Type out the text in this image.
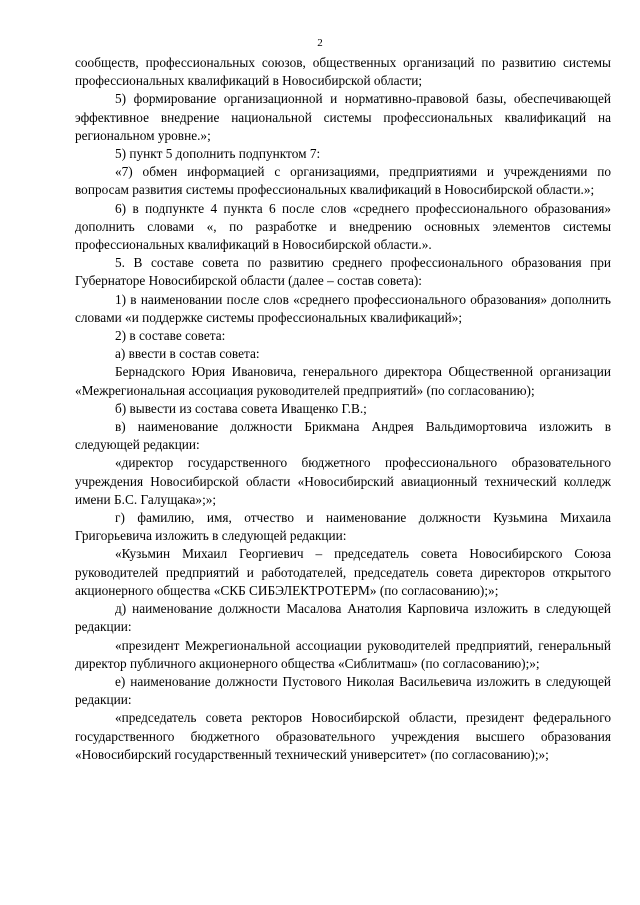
2

сообществ, профессиональных союзов, общественных организаций по развитию системы профессиональных квалификаций в Новосибирской области;

5) формирование организационной и нормативно-правовой базы, обеспечивающей эффективное внедрение национальной системы профессиональных квалификаций на региональном уровне.»;

5) пункт 5 дополнить подпунктом 7:

«7) обмен информацией с организациями, предприятиями и учреждениями по вопросам развития системы профессиональных квалификаций в Новосибирской области.»;

6) в подпункте 4 пункта 6 после слов «среднего профессионального образования» дополнить словами «, по разработке и внедрению основных элементов системы профессиональных квалификаций в Новосибирской области.».

5. В составе совета по развитию среднего профессионального образования при Губернаторе Новосибирской области (далее – состав совета):

1) в наименовании после слов «среднего профессионального образования» дополнить словами «и поддержке системы профессиональных квалификаций»;

2) в составе совета:

а) ввести в состав совета:

Бернадского Юрия Ивановича, генерального директора Общественной организации «Межрегиональная ассоциация руководителей предприятий» (по согласованию);

б) вывести из состава совета Иващенко Г.В.;

в) наименование должности Брикмана Андрея Вальдимортовича изложить в следующей редакции:

«директор государственного бюджетного профессионального образовательного учреждения Новосибирской области «Новосибирский авиационный технический колледж имени Б.С. Галущака»;»;

г) фамилию, имя, отчество и наименование должности Кузьмина Михаила Григорьевича изложить в следующей редакции:

«Кузьмин Михаил Георгиевич – председатель совета Новосибирского Союза руководителей предприятий и работодателей, председатель совета директоров открытого акционерного общества «СКБ СИБЭЛЕКТРОТЕРМ» (по согласованию);»;

д) наименование должности Масалова Анатолия Карповича изложить в следующей редакции:

«президент Межрегиональной ассоциации руководителей предприятий, генеральный директор публичного акционерного общества «Сиблитмаш» (по согласованию);»;

е) наименование должности Пустового Николая Васильевича изложить в следующей редакции:

«председатель совета ректоров Новосибирской области, президент федерального государственного бюджетного образовательного учреждения высшего образования «Новосибирский государственный технический университет» (по согласованию);»;
